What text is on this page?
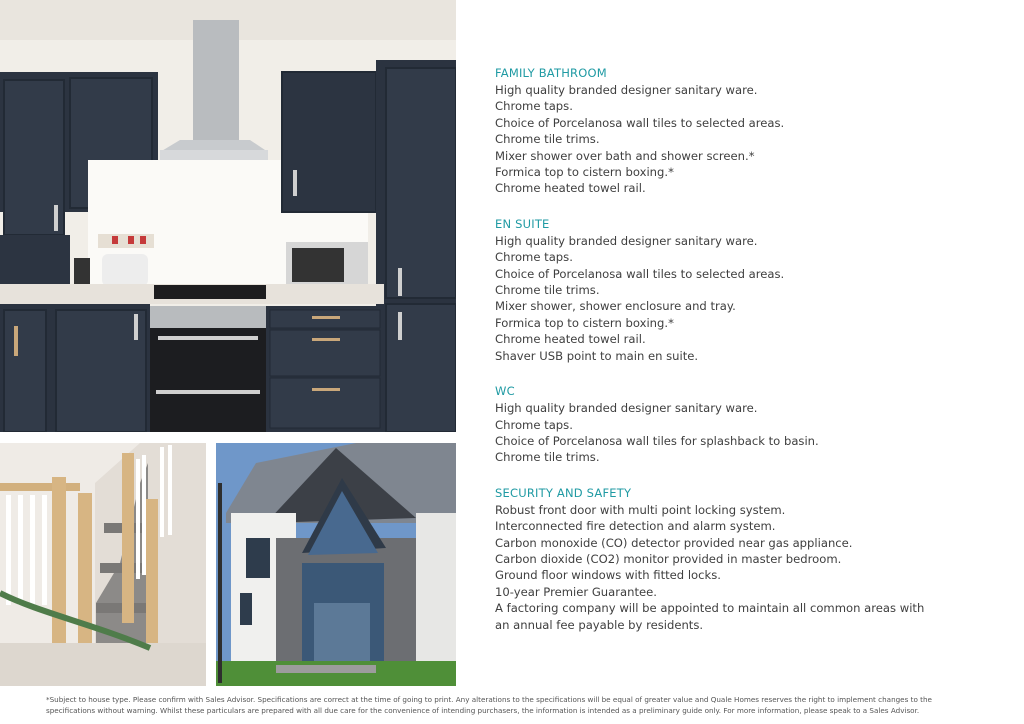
FAMILY BATHROOM
High quality branded designer sanitary ware.
Chrome taps.
Choice of Porcelanosa wall tiles to selected areas.
Chrome tile trims.
Mixer shower over bath and shower screen.*
Formica top to cistern boxing.*
Chrome heated towel rail.
EN SUITE
High quality branded designer sanitary ware.
Chrome taps.
Choice of Porcelanosa wall tiles to selected areas.
Chrome tile trims.
Mixer shower, shower enclosure and tray.
Formica top to cistern boxing.*
Chrome heated towel rail.
Shaver USB point to main en suite.
WC
High quality branded designer sanitary ware.
Chrome taps.
Choice of Porcelanosa wall tiles for splashback to basin.
Chrome tile trims.
SECURITY AND SAFETY
Robust front door with multi point locking system.
Interconnected fire detection and alarm system.
Carbon monoxide (CO) detector provided near gas appliance.
Carbon dioxide (CO2) monitor provided in master bedroom.
Ground floor windows with fitted locks.
10-year Premier Guarantee.
A factoring company will be appointed to maintain all common areas with
an annual fee payable by residents.
*Subject to house type. Please confirm with Sales Advisor. Specifications are correct at the time of going to print. Any alterations to the specifications will be equal of greater value and Quale Homes reserves the right to implement changes to the
specifications without warning. Whilst these particulars are prepared with all due care for the convenience of intending purchasers, the information is intended as a preliminary guide only. For more information, please speak to a Sales Advisor.
